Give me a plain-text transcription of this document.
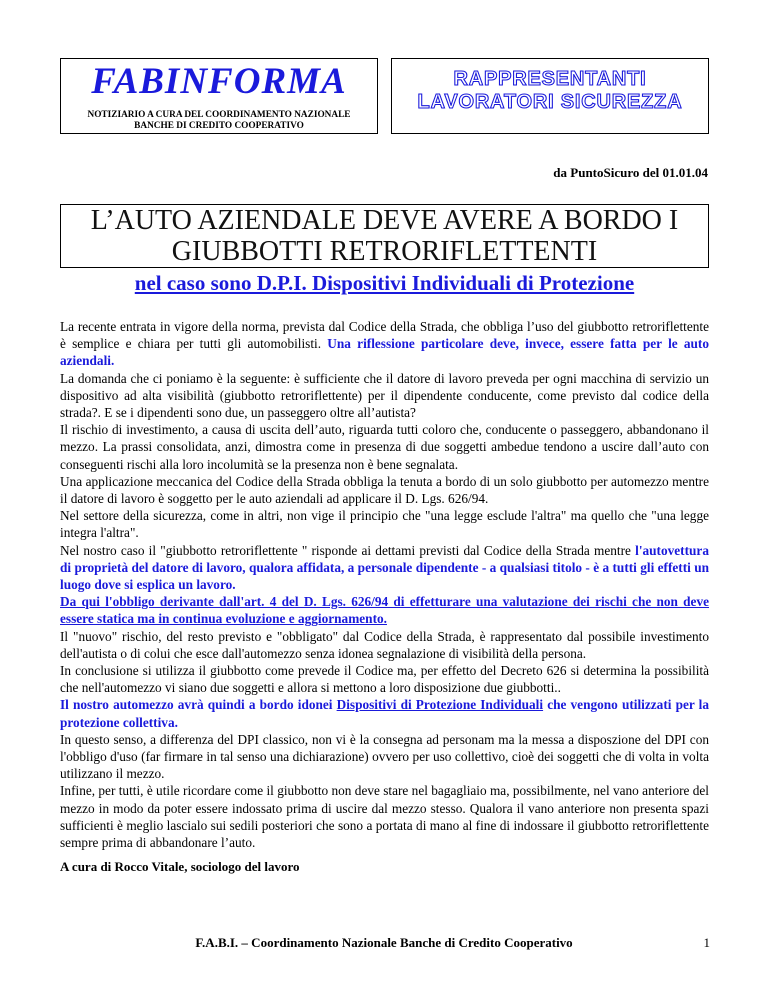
FABINFORMA
NOTIZIARIO A CURA DEL COORDINAMENTO NAZIONALE
BANCHE DI CREDITO COOPERATIVO
RAPPRESENTANTI
LAVORATORI SICUREZZA
da PuntoSicuro del 01.01.04
L’AUTO AZIENDALE DEVE AVERE A BORDO I
GIUBBOTTI RETRORIFLETTENTI
nel caso sono D.P.I. Dispositivi Individuali di Protezione

La recente entrata in vigore della norma, prevista dal Codice della Strada, che obbliga l’uso del giubbotto retroriflettente è semplice e chiara per tutti gli automobilisti. Una riflessione particolare deve, invece, essere fatta per le auto aziendali.

La domanda che ci poniamo è la seguente: è sufficiente che il datore di lavoro preveda per ogni macchina di servizio un dispositivo ad alta visibilità (giubbotto retroriflettente) per il dipendente conducente, come previsto dal codice della strada?. E se i dipendenti sono due, un passeggero oltre all’autista?

Il rischio di investimento, a causa di uscita dell’auto, riguarda tutti coloro che, conducente o passeggero, abbandonano il mezzo. La prassi consolidata, anzi, dimostra come in presenza di due soggetti ambedue tendono a uscire dall’auto con conseguenti rischi alla loro incolumità se la presenza non è bene segnalata.

Una applicazione meccanica del Codice della Strada obbliga la tenuta a bordo di un solo giubbotto per automezzo mentre il datore di lavoro è soggetto per le auto aziendali ad applicare il D. Lgs. 626/94.

Nel settore della sicurezza, come in altri, non vige il principio che "una legge esclude l'altra" ma quello che "una legge integra l'altra".

Nel nostro caso il "giubbotto retroriflettente " risponde ai dettami previsti dal Codice della Strada mentre l'autovettura di proprietà del datore di lavoro, qualora affidata, a personale dipendente - a qualsiasi titolo - è a tutti gli effetti un luogo dove si esplica un lavoro.

Da qui l'obbligo derivante dall'art. 4 del D. Lgs. 626/94 di effetturare una valutazione dei rischi che non deve essere statica ma in continua evoluzione e aggiornamento.

Il "nuovo" rischio, del resto previsto e "obbligato" dal Codice della Strada, è rappresentato dal possibile investimento dell'autista o di colui che esce dall'automezzo senza idonea segnalazione di visibilità della persona.

In conclusione si utilizza il giubbotto come prevede il Codice ma, per effetto del Decreto 626 si determina la possibilità che nell'automezzo vi siano due soggetti e allora si mettono a loro disposizione due giubbotti..

Il nostro automezzo avrà quindi a bordo idonei Dispositivi di Protezione Individuali che vengono utilizzati per la protezione collettiva.

In questo senso, a differenza del DPI classico, non vi è la consegna ad personam ma la messa a disposzione del DPI con l'obbligo d'uso (far firmare in tal senso una dichiarazione) ovvero per uso collettivo, cioè dei soggetti che di volta in volta utilizzano il mezzo.

Infine, per tutti, è utile ricordare come il giubbotto non deve stare nel bagagliaio ma, possibilmente, nel vano anteriore del mezzo in modo da poter essere indossato prima di uscire dal mezzo stesso. Qualora il vano anteriore non presenta spazi sufficienti è meglio lascialo sui sedili posteriori che sono a portata di mano al fine di indossare il giubbotto retroriflettente sempre prima di abbandonare l’auto.

A cura di Rocco Vitale, sociologo del lavoro
F.A.B.I. – Coordinamento Nazionale Banche di Credito Cooperativo	1
